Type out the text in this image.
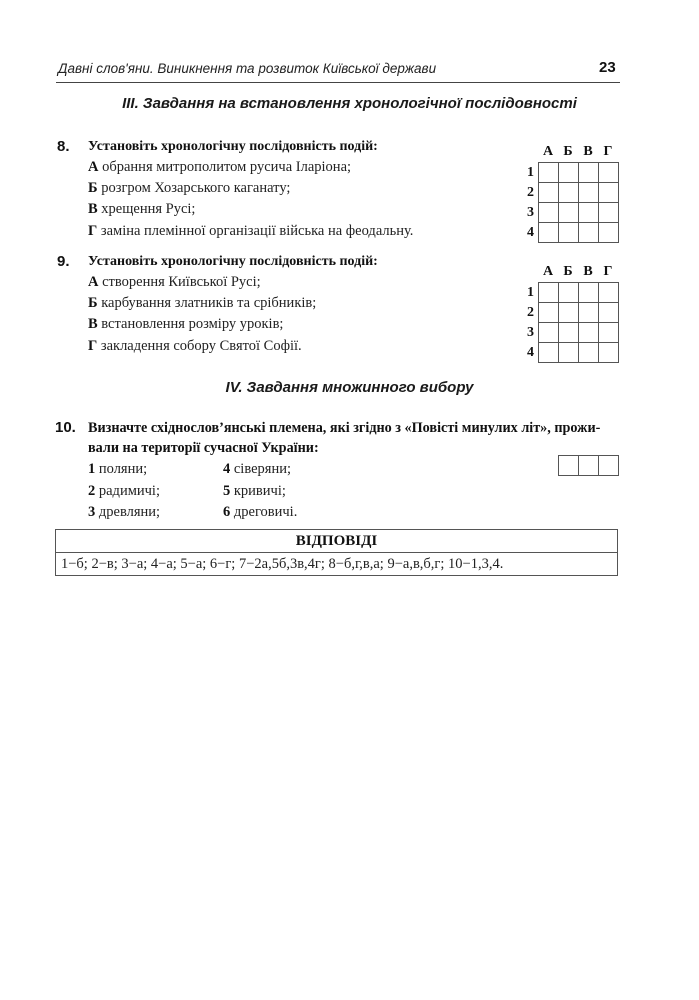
Давні слов'яни. Виникнення та розвиток Київської держави	23
III. Завдання на встановлення хронологічної послідовності
8. Установіть хронологічну послідовність подій:
А обрання митрополитом русича Іларіона;
Б розгром Хозарського каганату;
В хрещення Русі;
Г заміна племінної організації війська на феодальну.
А Б В Г
1
2
3
4

9. Установіть хронологічну послідовність подій:
А створення Київської Русі;
Б карбування златників та срібників;
В встановлення розміру уроків;
Г закладення собору Святої Софії.
А Б В Г
1
2
3
4

IV. Завдання множинного вибору
10. Визначте східнослов’янські племена, які згідно з «Повісті минулих літ», прожи-
вали на території сучасної України:
1 поляни;
2 радимичі;
3 древляни;
4 сіверяни;
5 кривичі;
6 дреговичі.

ВІДПОВІДІ
1−б; 2−в; 3−а; 4−а; 5−а; 6−г; 7−2а,5б,3в,4г; 8−б,г,в,а; 9−а,в,б,г; 10−1,3,4.
